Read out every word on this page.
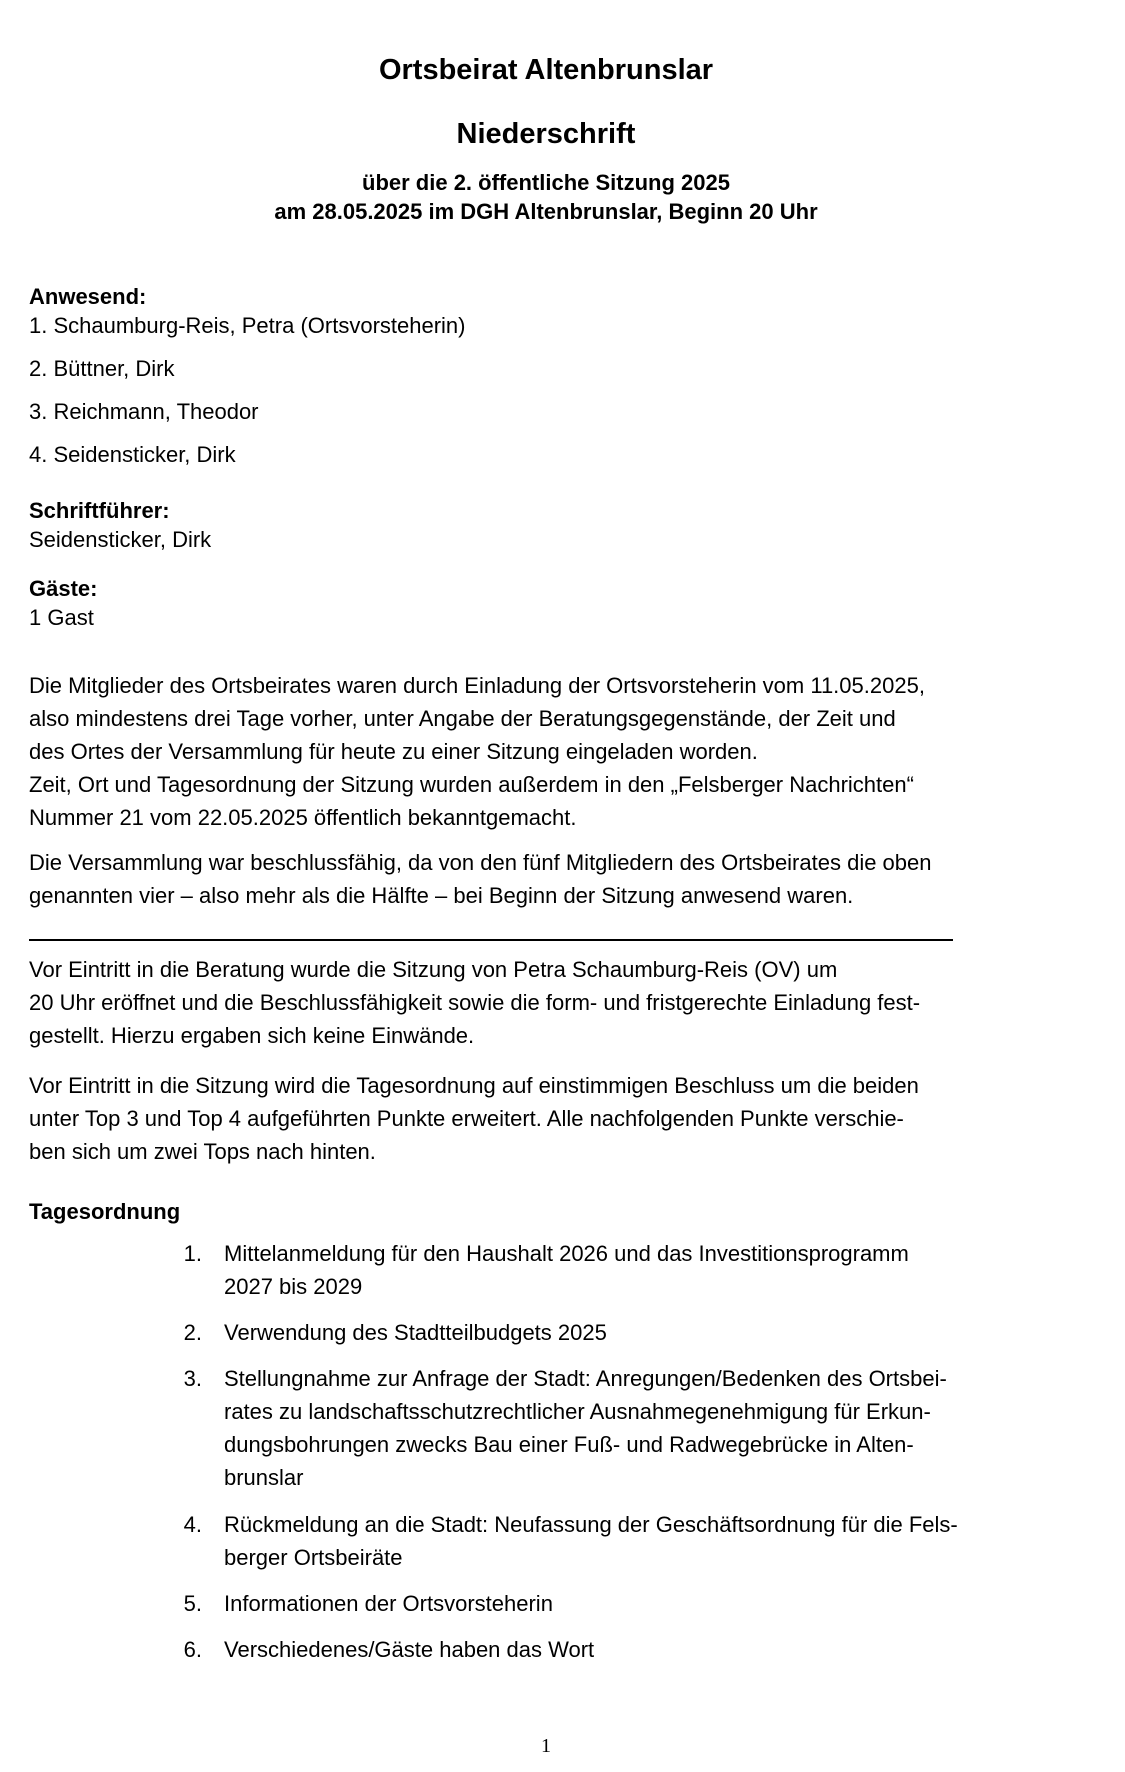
Ortsbeirat Altenbrunslar
Niederschrift
über die 2. öffentliche Sitzung 2025
am 28.05.2025 im DGH Altenbrunslar, Beginn 20 Uhr
Anwesend:
1. Schaumburg-Reis, Petra (Ortsvorsteherin)
2. Büttner, Dirk
3. Reichmann, Theodor
4. Seidensticker, Dirk
Schriftführer:
Seidensticker, Dirk
Gäste:
1 Gast
Die Mitglieder des Ortsbeirates waren durch Einladung der Ortsvorsteherin vom 11.05.2025,
also mindestens drei Tage vorher, unter Angabe der Beratungsgegenstände, der Zeit und
des Ortes der Versammlung für heute zu einer Sitzung eingeladen worden.
Zeit, Ort und Tagesordnung der Sitzung wurden außerdem in den „Felsberger Nachrichten“
Nummer 21 vom 22.05.2025 öffentlich bekanntgemacht.
Die Versammlung war beschlussfähig, da von den fünf Mitgliedern des Ortsbeirates die oben
genannten vier – also mehr als die Hälfte – bei Beginn der Sitzung anwesend waren.
Vor Eintritt in die Beratung wurde die Sitzung von Petra Schaumburg-Reis (OV) um
20 Uhr eröffnet und die Beschlussfähigkeit sowie die form- und fristgerechte Einladung fest-
gestellt. Hierzu ergaben sich keine Einwände.
Vor Eintritt in die Sitzung wird die Tagesordnung auf einstimmigen Beschluss um die beiden
unter Top 3 und Top 4 aufgeführten Punkte erweitert. Alle nachfolgenden Punkte verschie-
ben sich um zwei Tops nach hinten.
Tagesordnung
1. Mittelanmeldung für den Haushalt 2026 und das Investitionsprogramm
2027 bis 2029
2. Verwendung des Stadtteilbudgets 2025
3. Stellungnahme zur Anfrage der Stadt: Anregungen/Bedenken des Ortsbei-
rates zu landschaftsschutzrechtlicher Ausnahmegenehmigung für Erkun-
dungsbohrungen zwecks Bau einer Fuß- und Radwegebrücke in Alten-
brunslar
4. Rückmeldung an die Stadt: Neufassung der Geschäftsordnung für die Fels-
berger Ortsbeiräte
5. Informationen der Ortsvorsteherin
6. Verschiedenes/Gäste haben das Wort
1
